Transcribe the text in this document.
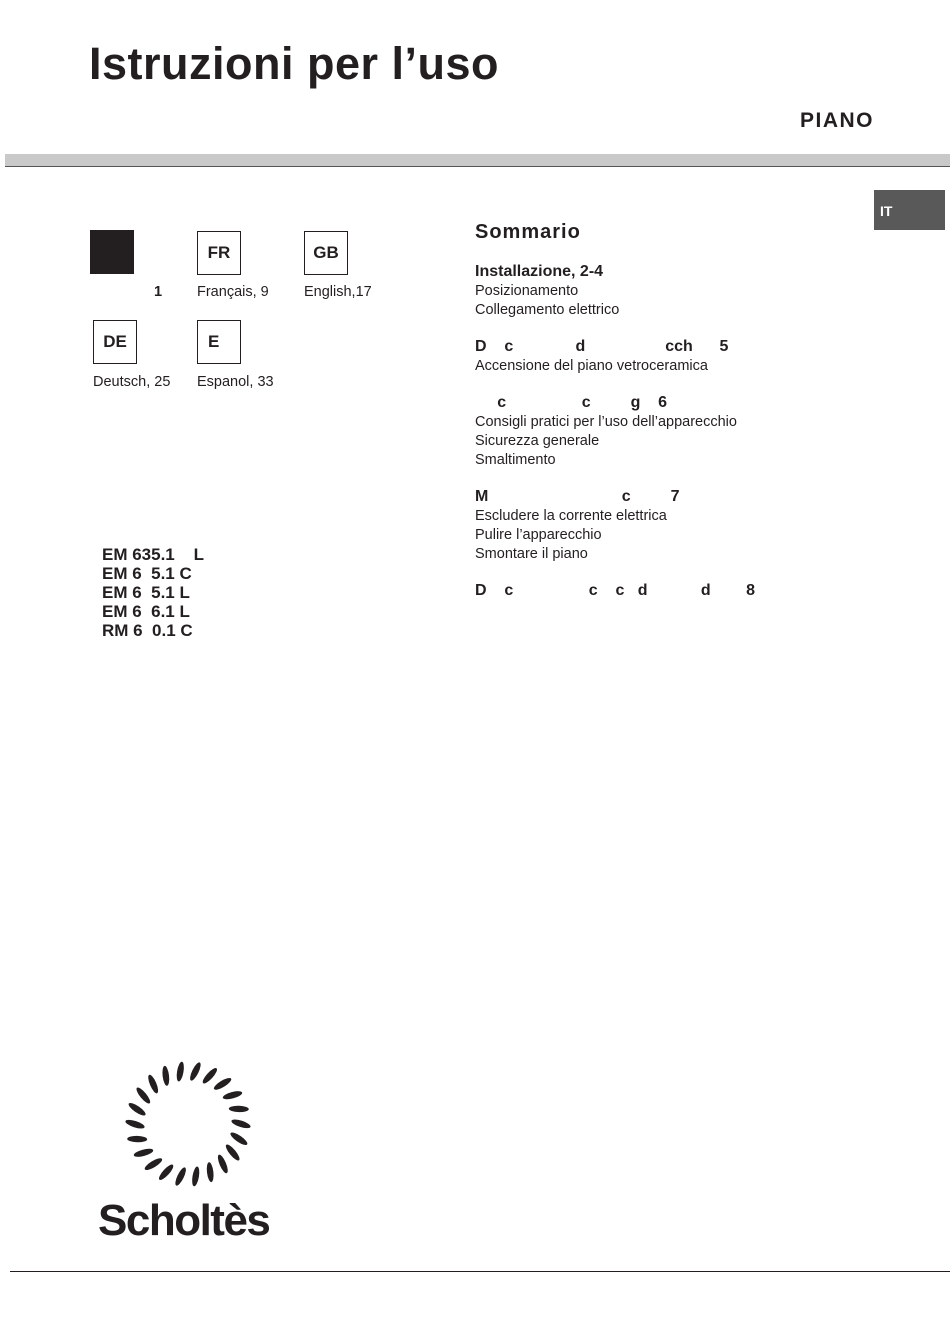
Istruzioni per l’uso
PIANO
IT
1
FR
Français, 9
GB
English,17
DE
Deutsch, 25
E
Espanol, 33
EM 635.1    L
EM 6  5.1 C
EM 6  5.1 L
EM 6  6.1 L
RM 6  0.1 C
Sommario
Installazione, 2-4
Posizionamento
Collegamento elettrico
D    c              d                  cch      5
Accensione del piano vetroceramica
c                 c         g    6
Consigli pratici per l’uso dell’apparecchio
Sicurezza generale
Smaltimento
M                              c         7
Escludere la corrente elettrica
Pulire l’apparecchio
Smontare il piano
D    c                 c    c   d            d        8
Scholtès
